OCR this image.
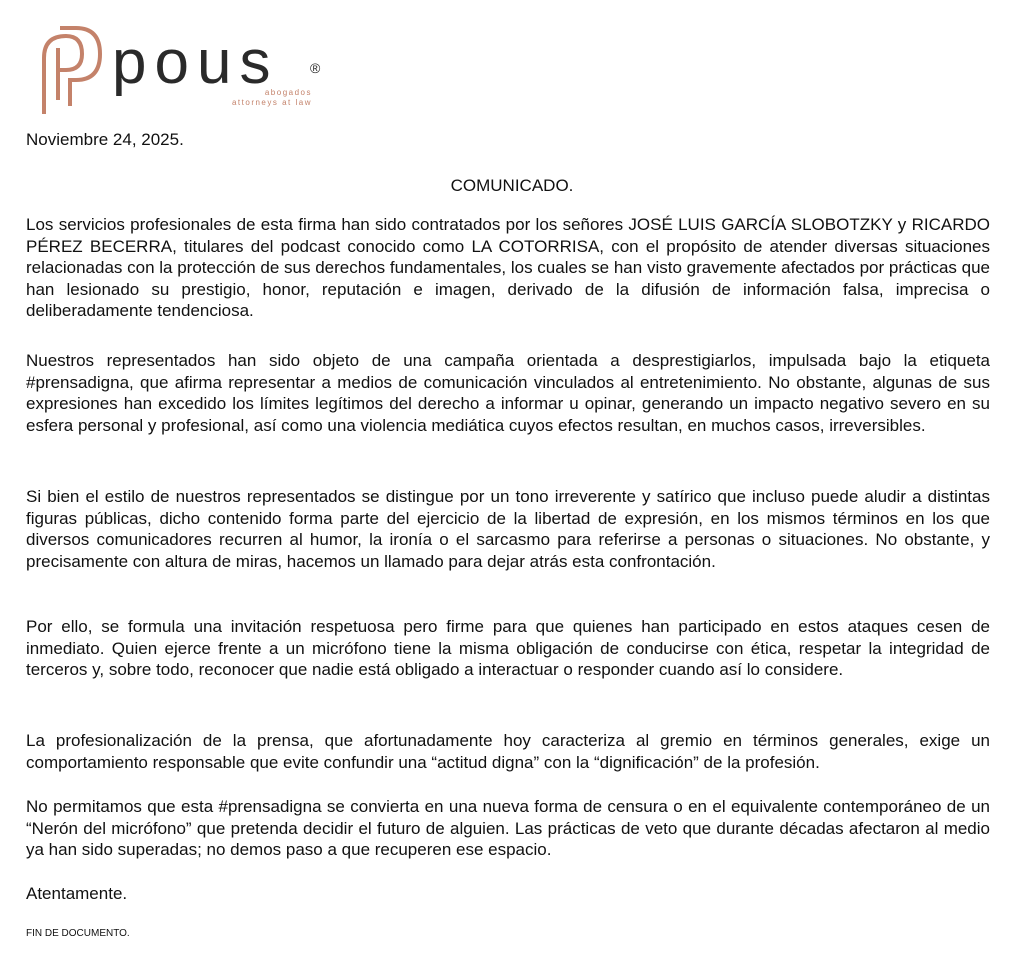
pous ®
abogados
attorneys at law
Noviembre 24, 2025.
COMUNICADO.

Los servicios profesionales de esta firma han sido contratados por los señores JOSÉ LUIS GARCÍA SLOBOTZKY y RICARDO PÉREZ BECERRA, titulares del podcast conocido como LA COTORRISA, con el propósito de atender diversas situaciones relacionadas con la protección de sus derechos fundamentales, los cuales se han visto gravemente afectados por prácticas que han lesionado su prestigio, honor, reputación e imagen, derivado de la difusión de información falsa, imprecisa o deliberadamente tendenciosa.

Nuestros representados han sido objeto de una campaña orientada a desprestigiarlos, impulsada bajo la etiqueta #prensadigna, que afirma representar a medios de comunicación vinculados al entretenimiento. No obstante, algunas de sus expresiones han excedido los límites legítimos del derecho a informar u opinar, generando un impacto negativo severo en su esfera personal y profesional, así como una violencia mediática cuyos efectos resultan, en muchos casos, irreversibles.

Si bien el estilo de nuestros representados se distingue por un tono irreverente y satírico que incluso puede aludir a distintas figuras públicas, dicho contenido forma parte del ejercicio de la libertad de expresión, en los mismos términos en los que diversos comunicadores recurren al humor, la ironía o el sarcasmo para referirse a personas o situaciones. No obstante, y precisamente con altura de miras, hacemos un llamado para dejar atrás esta confrontación.

Por ello, se formula una invitación respetuosa pero firme para que quienes han participado en estos ataques cesen de inmediato. Quien ejerce frente a un micrófono tiene la misma obligación de conducirse con ética, respetar la integridad de terceros y, sobre todo, reconocer que nadie está obligado a interactuar o responder cuando así lo considere.

La profesionalización de la prensa, que afortunadamente hoy caracteriza al gremio en términos generales, exige un comportamiento responsable que evite confundir una “actitud digna” con la “dignificación” de la profesión.

No permitamos que esta #prensadigna se convierta en una nueva forma de censura o en el equivalente contemporáneo de un “Nerón del micrófono” que pretenda decidir el futuro de alguien. Las prácticas de veto que durante décadas afectaron al medio ya han sido superadas; no demos paso a que recuperen ese espacio.

Atentamente.
FIN DE DOCUMENTO.
